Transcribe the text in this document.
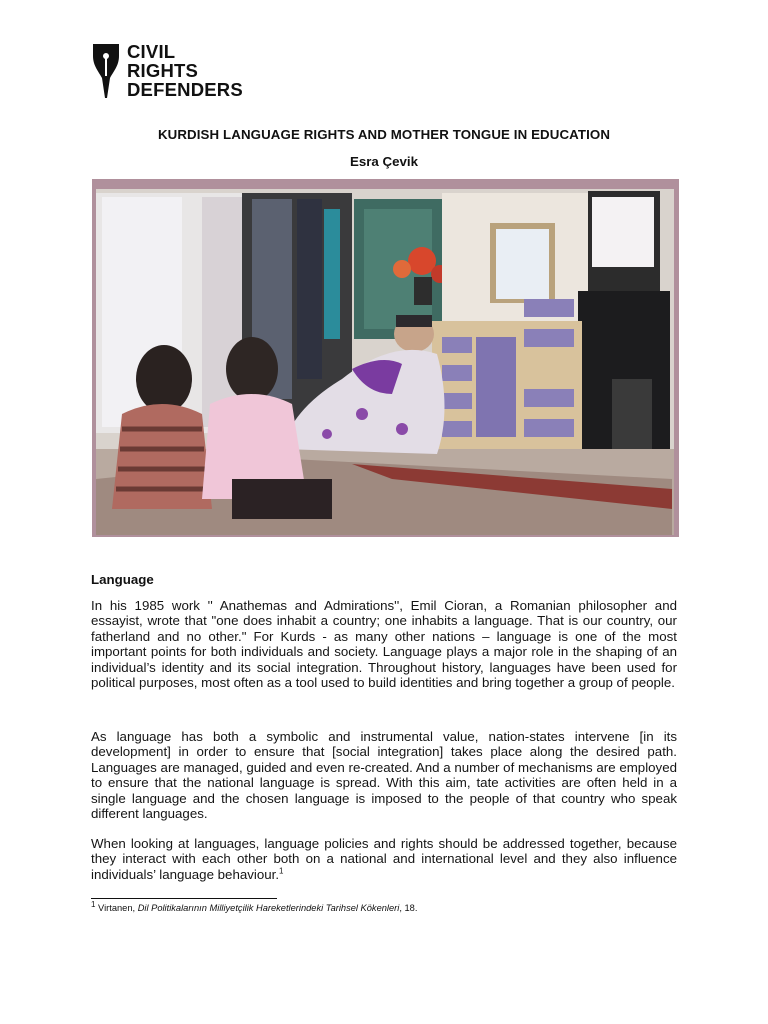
CIVIL
RIGHTS
DEFENDERS
KURDISH LANGUAGE RIGHTS AND MOTHER TONGUE IN EDUCATION
Esra Çevik
Language
In his 1985 work '' Anathemas and Admirations'', Emil Cioran, a Romanian philosopher and essayist, wrote that "one does inhabit a country; one inhabits a language. That is our country, our fatherland and no other." For Kurds - as many other nations – language is one of the most important points for both individuals and society. Language plays a major role in the shaping of an individual’s identity and its social integration. Throughout history, languages have been used for political purposes, most often as a tool used to build identities and bring together a group of people.
As language has both a symbolic and instrumental value, nation-states intervene [in its development] in order to ensure that [social integration] takes place along the desired path. Languages are managed, guided and even re-created. And a number of mechanisms are employed to ensure that the national language is spread. With this aim, tate activities are often held in a single language and the chosen language is imposed to the people of that country who speak different languages.
When looking at languages, language policies and rights should be addressed together, because they interact with each other both on a national and international level and they also influence individuals’ language behaviour.$^1$
$^1$ Virtanen, Dil Politikalarının Milliyetçilik Hareketlerindeki Tarihsel Kökenleri, 18.
